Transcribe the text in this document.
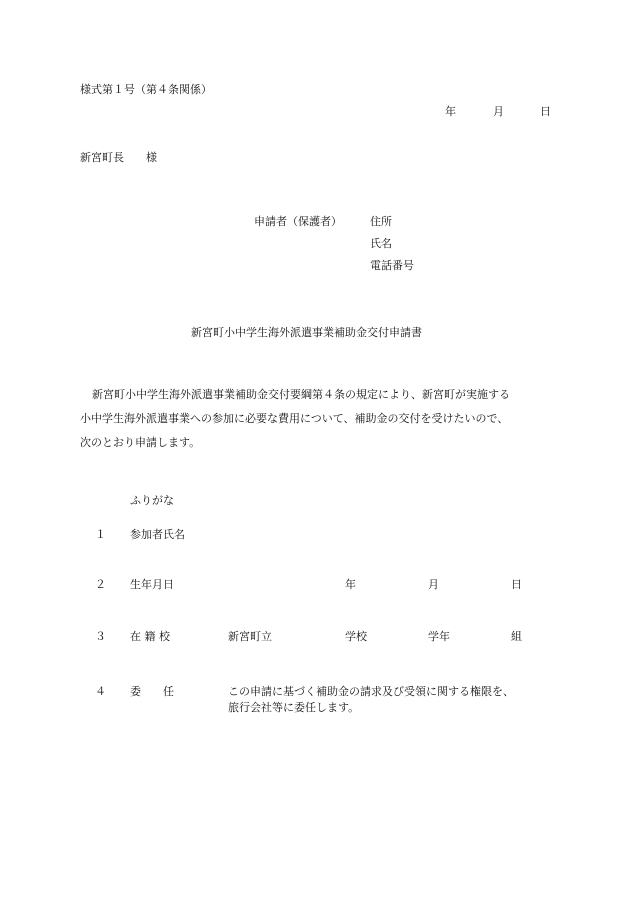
様式第１号（第４条関係）
年	月	日
新宮町長　　様
申請者（保護者）	住所
氏名
電話番号
新宮町小中学生海外派遣事業補助金交付申請書

新宮町小中学生海外派遣事業補助金交付要綱第４条の規定により、新宮町が実施する

小中学生海外派遣事業への参加に必要な費用について、補助金の交付を受けたいので、

次のとおり申請します。

ふりがな
１ 参加者氏名
２ 生年月日	年	月	日
３ 在 籍 校	新宮町立	学校	学年	組
４ 委　　任	この申請に基づく補助金の請求及び受領に関する権限を、
旅行会社等に委任します。
